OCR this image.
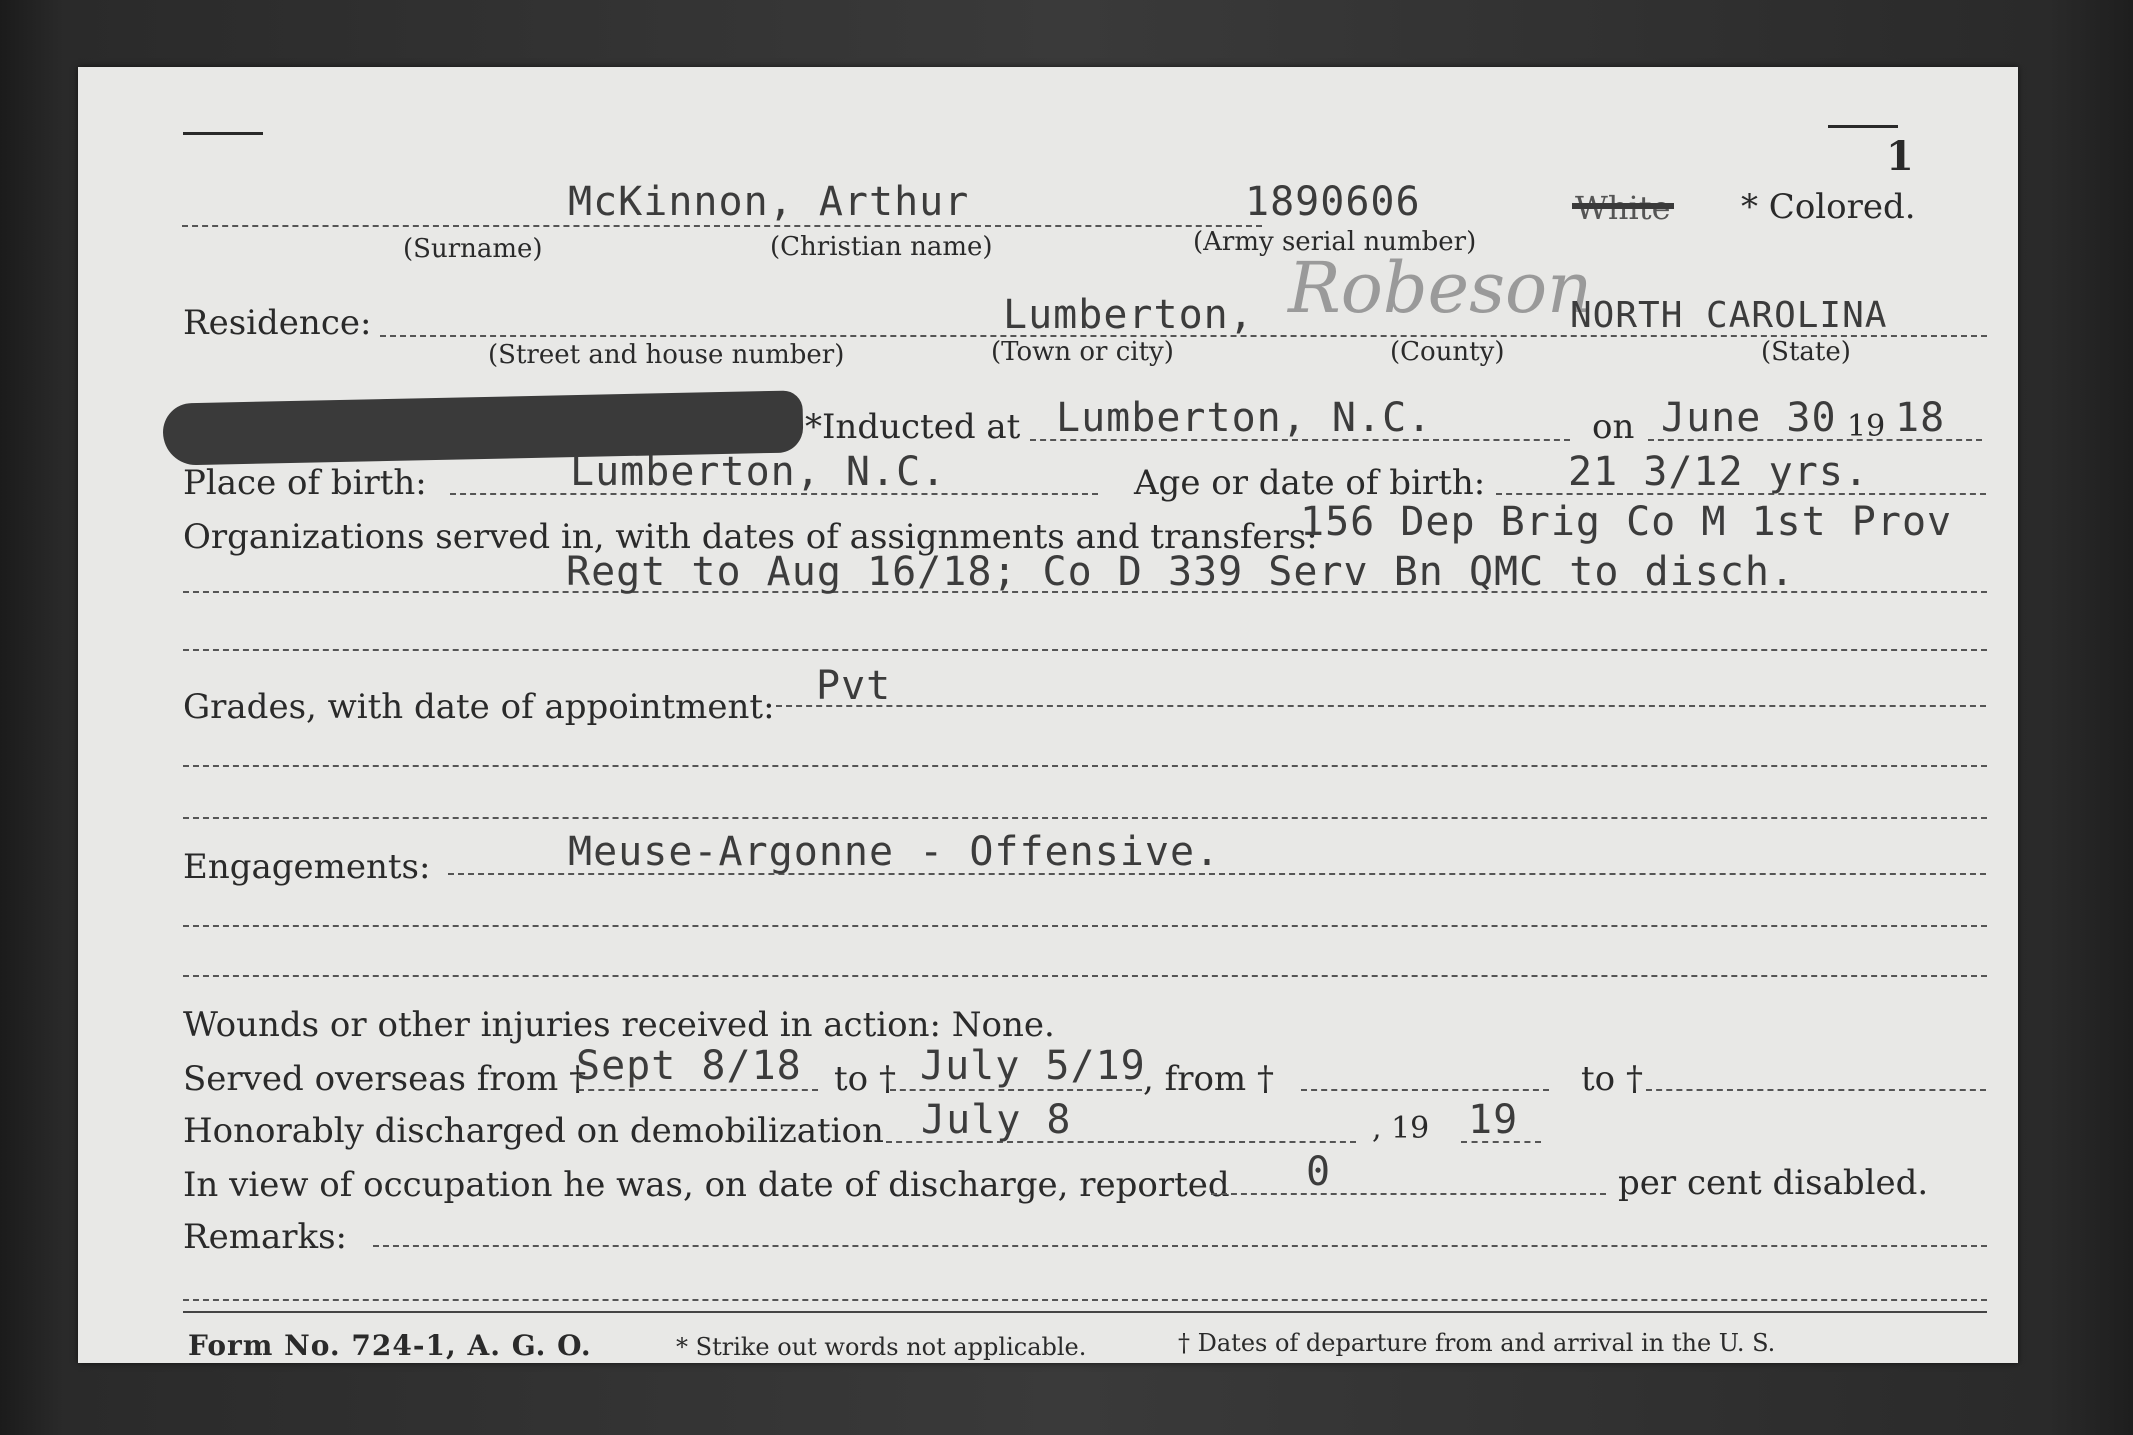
1
McKinnon, Arthur	1890606	White * Colored.
(Surname)	(Christian name)	(Army serial number)
Residence:	Lumberton, Robeson
NORTH CAROLINA
(Street and house number)	(Town or city)	(County)	(State)
*Inducted at Lumberton, N.C.	on June 30 19 18
Place of birth:	Lumberton, N.C.	Age or date of birth: 21 3/12 yrs.
Organizations served in, with dates of assignments and transfers:
156 Dep Brig Co M 1st Prov
Regt to Aug 16/18; Co D 339 Serv Bn QMC to disch.
Grades, with date of appointment: Pvt
Engagements:	Meuse-Argonne - Offensive.
Wounds or other injuries received in action: None.
Served overseas from †
Sept 8/18 to † July 5/19
, from †	to †
Honorably discharged on demobilization July 8	, 19 19
In view of occupation he was, on date of discharge, reported 0	per cent disabled.
Remarks:
Form No. 724-1, A. G. O.	* Strike out words not applicable.	† Dates of departure from and arrival in the U. S.
